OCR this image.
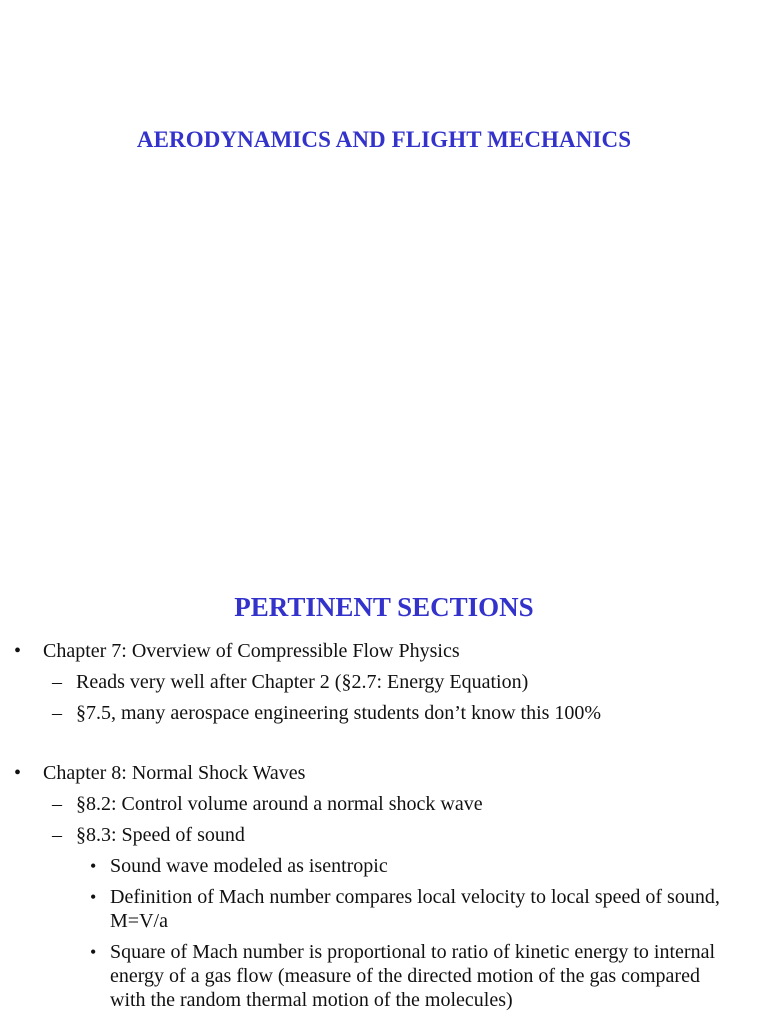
AERODYNAMICS AND FLIGHT MECHANICS
PERTINENT SECTIONS
• Chapter 7: Overview of Compressible Flow Physics
– Reads very well after Chapter 2 (§2.7: Energy Equation)
– §7.5, many aerospace engineering students don’t know this 100%
• Chapter 8: Normal Shock Waves
– §8.2: Control volume around a normal shock wave
– §8.3: Speed of sound
• Sound wave modeled as isentropic
• Definition of Mach number compares local velocity to local speed of sound, M=V/a
• Square of Mach number is proportional to ratio of kinetic energy to internal energy of a gas flow (measure of the directed motion of the gas compared with the random thermal motion of the molecules)
